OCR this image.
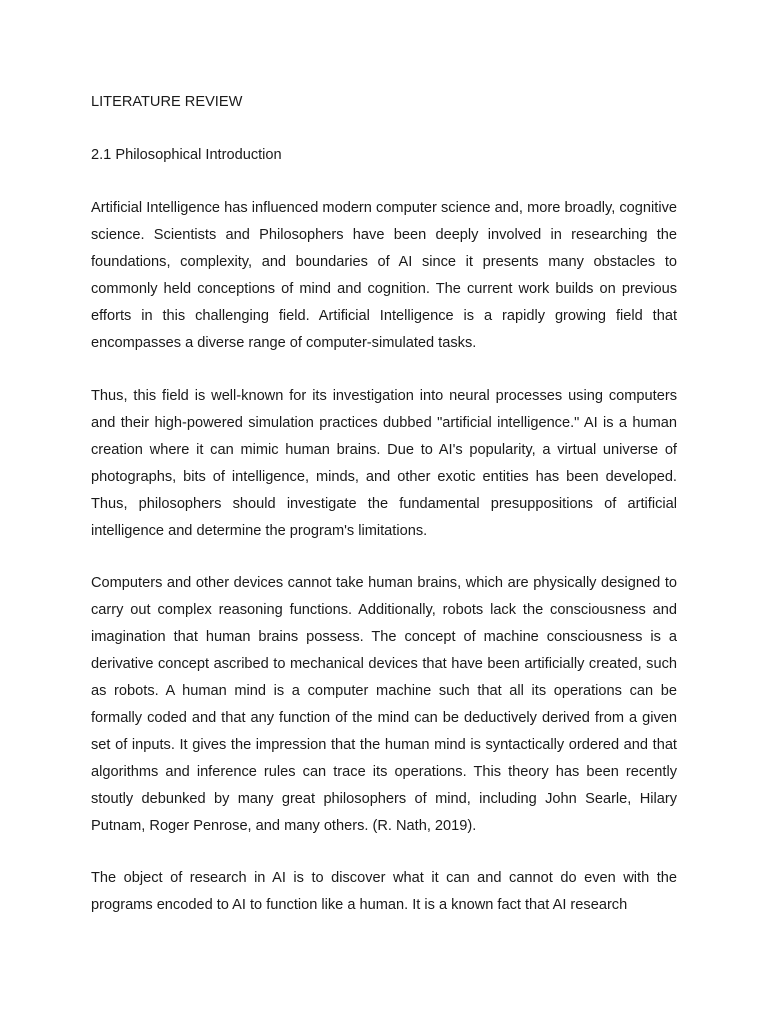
LITERATURE REVIEW
2.1 Philosophical Introduction

Artificial Intelligence has influenced modern computer science and, more broadly, cognitive science. Scientists and Philosophers have been deeply involved in researching the foundations, complexity, and boundaries of AI since it presents many obstacles to commonly held conceptions of mind and cognition. The current work builds on previous efforts in this challenging field. Artificial Intelligence is a rapidly growing field that encompasses a diverse range of computer-simulated tasks.

Thus, this field is well-known for its investigation into neural processes using computers and their high-powered simulation practices dubbed "artificial intelligence." AI is a human creation where it can mimic human brains. Due to AI's popularity, a virtual universe of photographs, bits of intelligence, minds, and other exotic entities has been developed. Thus, philosophers should investigate the fundamental presuppositions of artificial intelligence and determine the program's limitations.

Computers and other devices cannot take human brains, which are physically designed to carry out complex reasoning functions. Additionally, robots lack the consciousness and imagination that human brains possess. The concept of machine consciousness is a derivative concept ascribed to mechanical devices that have been artificially created, such as robots. A human mind is a computer machine such that all its operations can be formally coded and that any function of the mind can be deductively derived from a given set of inputs. It gives the impression that the human mind is syntactically ordered and that algorithms and inference rules can trace its operations. This theory has been recently stoutly debunked by many great philosophers of mind, including John Searle, Hilary Putnam, Roger Penrose, and many others. (R. Nath, 2019).

The object of research in AI is to discover what it can and cannot do even with the programs encoded to AI to function like a human. It is a known fact that AI research
